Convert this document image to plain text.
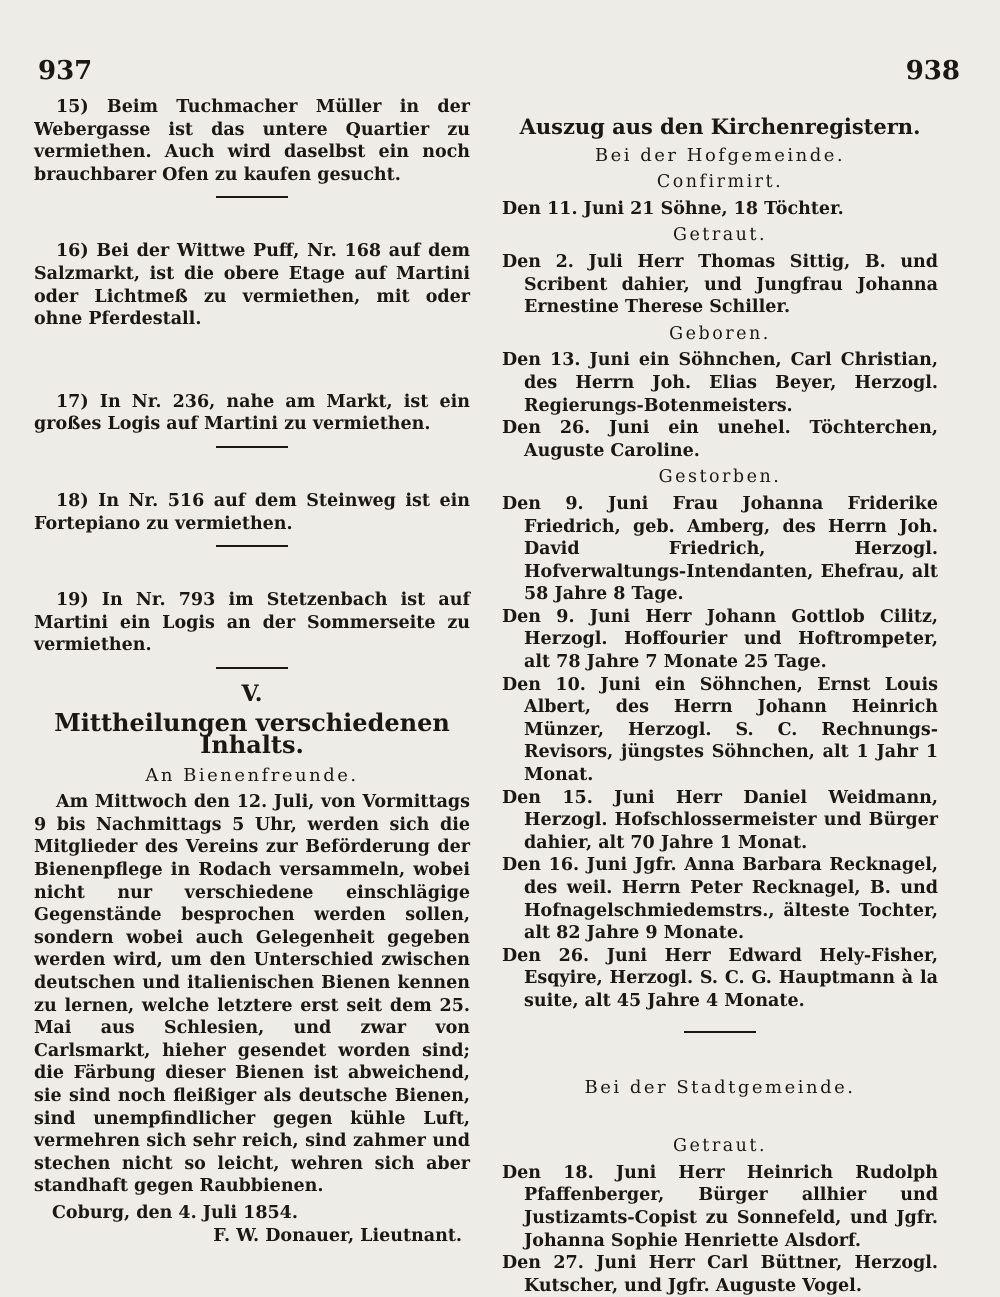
937	938

15) Beim Tuchmacher Müller in der Webergasse ist das untere Quartier zu vermiethen. Auch wird daselbst ein noch brauchbarer Ofen zu kaufen gesucht.

16) Bei der Wittwe Puff, Nr. 168 auf dem Salzmarkt, ist die obere Etage auf Martini oder Lichtmeß zu vermiethen, mit oder ohne Pferdestall.

17) In Nr. 236, nahe am Markt, ist ein großes Logis auf Martini zu vermiethen.

18) In Nr. 516 auf dem Steinweg ist ein Fortepiano zu vermiethen.

19) In Nr. 793 im Stetzenbach ist auf Martini ein Logis an der Sommerseite zu vermiethen.

V.
Mittheilungen verschiedenen Inhalts.
An Bienenfreunde.

Am Mittwoch den 12. Juli, von Vormittags 9 bis Nachmittags 5 Uhr, werden sich die Mitglieder des Vereins zur Beförderung der Bienenpflege in Rodach versammeln, wobei nicht nur verschiedene einschlägige Gegenstände besprochen werden sollen, sondern wobei auch Gelegenheit gegeben werden wird, um den Unterschied zwischen deutschen und italienischen Bienen kennen zu lernen, welche letztere erst seit dem 25. Mai aus Schlesien, und zwar von Carlsmarkt, hieher gesendet worden sind; die Färbung dieser Bienen ist abweichend, sie sind noch fleißiger als deutsche Bienen, sind unempfindlicher gegen kühle Luft, vermehren sich sehr reich, sind zahmer und stechen nicht so leicht, wehren sich aber standhaft gegen Raubbienen.

Coburg, den 4. Juli 1854.
F. W. Donauer, Lieutnant.
Auszug aus den Kirchenregistern.
Bei der Hofgemeinde.
Confirmirt.

Den 11. Juni 21 Söhne, 18 Töchter.

Getraut.

Den 2. Juli Herr Thomas Sittig, B. und Scribent dahier, und Jungfrau Johanna Ernestine Therese Schiller.

Geboren.

Den 13. Juni ein Söhnchen, Carl Christian, des Herrn Joh. Elias Beyer, Herzogl. Regierungs-Botenmeisters.

Den 26. Juni ein unehel. Töchterchen, Auguste Caroline.

Gestorben.

Den 9. Juni Frau Johanna Friderike Friedrich, geb. Amberg, des Herrn Joh. David Friedrich, Herzogl. Hofverwaltungs-Intendanten, Ehefrau, alt 58 Jahre 8 Tage.

Den 9. Juni Herr Johann Gottlob Cilitz, Herzogl. Hoffourier und Hoftrompeter, alt 78 Jahre 7 Monate 25 Tage.

Den 10. Juni ein Söhnchen, Ernst Louis Albert, des Herrn Johann Heinrich Münzer, Herzogl. S. C. Rechnungs-Revisors, jüngstes Söhnchen, alt 1 Jahr 1 Monat.

Den 15. Juni Herr Daniel Weidmann, Herzogl. Hofschlossermeister und Bürger dahier, alt 70 Jahre 1 Monat.

Den 16. Juni Jgfr. Anna Barbara Recknagel, des weil. Herrn Peter Recknagel, B. und Hofnagelschmiedemstrs., älteste Tochter, alt 82 Jahre 9 Monate.

Den 26. Juni Herr Edward Hely-Fisher, Esqyire, Herzogl. S. C. G. Hauptmann à la suite, alt 45 Jahre 4 Monate.

Bei der Stadtgemeinde.
Getraut.

Den 18. Juni Herr Heinrich Rudolph Pfaffenberger, Bürger allhier und Justizamts-Copist zu Sonnefeld, und Jgfr. Johanna Sophie Henriette Alsdorf.

Den 27. Juni Herr Carl Büttner, Herzogl. Kutscher, und Jgfr. Auguste Vogel.
